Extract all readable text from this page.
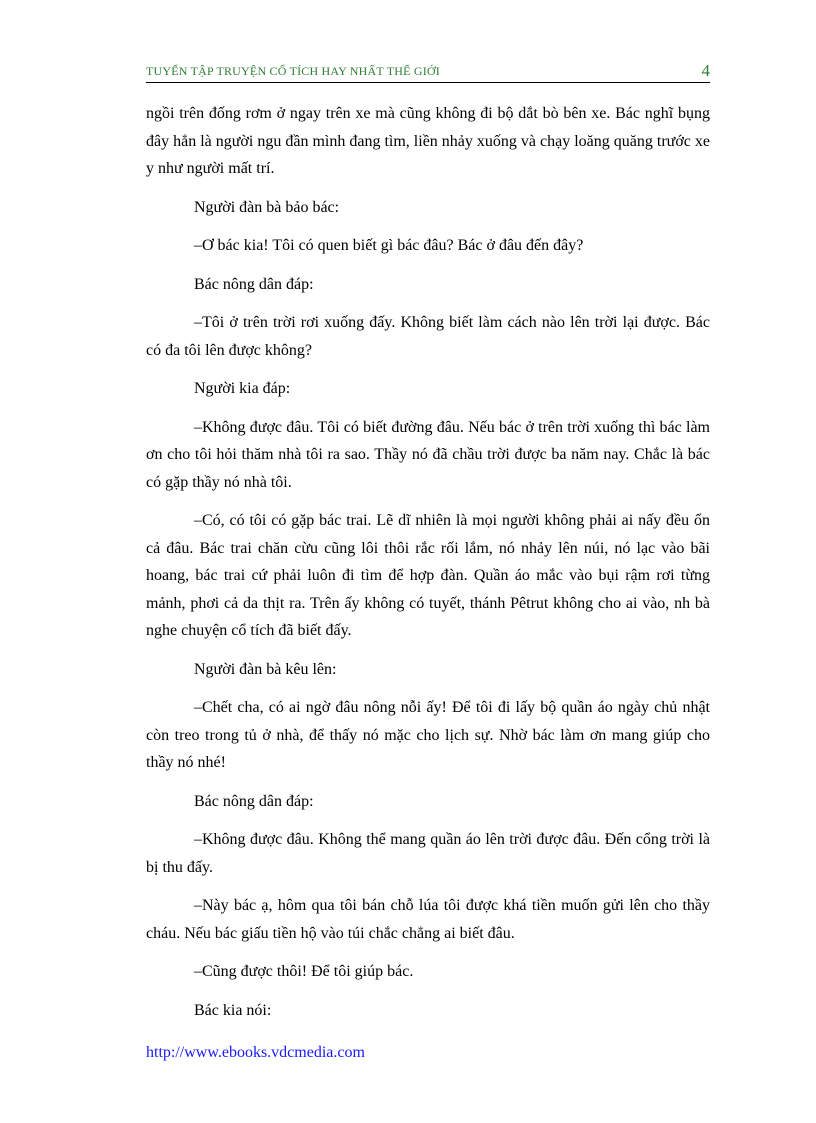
TUYỂN TẬP TRUYỆN CỔ TÍCH HAY NHẤT THẾ GIỚI	4

ngồi trên đống rơm ở ngay trên xe mà cũng không đi bộ dắt bò bên xe. Bác nghĩ bụng đây hẳn là người ngu đần mình đang tìm, liền nhảy xuống và chạy loăng quăng trước xe y như người mất trí.

Người đàn bà bảo bác:

–Ơ bác kia! Tôi có quen biết gì bác đâu? Bác ở đâu đến đây?

Bác nông dân đáp:

–Tôi ở trên trời rơi xuống đấy. Không biết làm cách nào lên trời lại được. Bác có đa tôi lên được không?

Người kia đáp:

–Không được đâu. Tôi có biết đường đâu. Nếu bác ở trên trời xuống thì bác làm ơn cho tôi hỏi thăm nhà tôi ra sao. Thầy nó đã chầu trời được ba năm nay. Chắc là bác có gặp thầy nó nhà tôi.

–Có, có tôi có gặp bác trai. Lẽ dĩ nhiên là mọi người không phải ai nấy đều ổn cả đâu. Bác trai chăn cừu cũng lôi thôi rắc rối lắm, nó nhảy lên núi, nó lạc vào bãi hoang, bác trai cứ phải luôn đi tìm để hợp đàn. Quần áo mắc vào bụi rậm rơi từng mảnh, phơi cả da thịt ra. Trên ấy không có tuyết, thánh Pêtrut không cho ai vào, nh bà nghe chuyện cổ tích đã biết đấy.

Người đàn bà kêu lên:

–Chết cha, có ai ngờ đâu nông nỗi ấy! Để tôi đi lấy bộ quần áo ngày chủ nhật còn treo trong tủ ở nhà, để thấy nó mặc cho lịch sự. Nhờ bác làm ơn mang giúp cho thầy nó nhé!

Bác nông dân đáp:

–Không được đâu. Không thể mang quần áo lên trời được đâu. Đến cổng trời là bị thu đấy.

–Này bác ạ, hôm qua tôi bán chỗ lúa tôi được khá tiền muốn gửi lên cho thầy cháu. Nếu bác giấu tiền hộ vào túi chắc chẳng ai biết đâu.

–Cũng được thôi! Để tôi giúp bác.

Bác kia nói:

http://www.ebooks.vdcmedia.com
